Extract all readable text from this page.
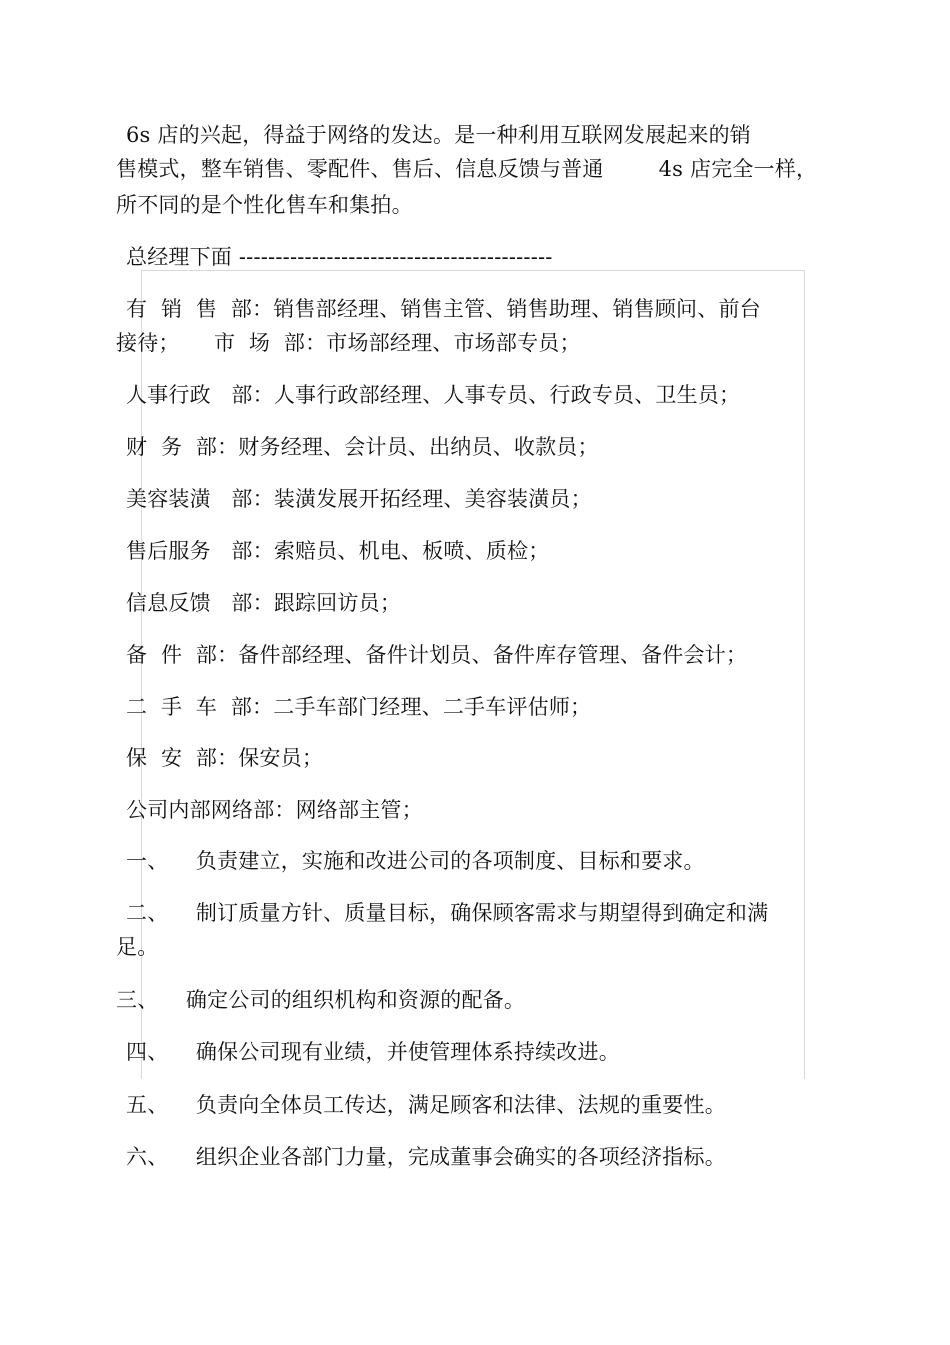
6s 店的兴起，得益于网络的发达。是一种利用互联网发展起来的销
售模式，整车销售、零配件、售后、信息反馈与普通        4s 店完全一样，
所不同的是个性化售车和集拍。
总经理下面 -------------------------------------------
有  销  售  部：销售部经理、销售主管、销售助理、销售顾问、前台
接待；     市  场  部：市场部经理、市场部专员；
人事行政   部：人事行政部经理、人事专员、行政专员、卫生员；
财  务  部：财务经理、会计员、出纳员、收款员；
美容装潢   部：装潢发展开拓经理、美容装潢员；
售后服务   部：索赔员、机电、板喷、质检；
信息反馈   部：跟踪回访员；
备  件  部：备件部经理、备件计划员、备件库存管理、备件会计；
二  手  车  部：二手车部门经理、二手车评估师；
保  安  部：保安员；
公司内部网络部：网络部主管；
一、    负责建立，实施和改进公司的各项制度、目标和要求。
二、    制订质量方针、质量目标，确保顾客需求与期望得到确定和满
足。
三、    确定公司的组织机构和资源的配备。
四、    确保公司现有业绩，并使管理体系持续改进。
五、    负责向全体员工传达，满足顾客和法律、法规的重要性。
六、    组织企业各部门力量，完成董事会确实的各项经济指标。
